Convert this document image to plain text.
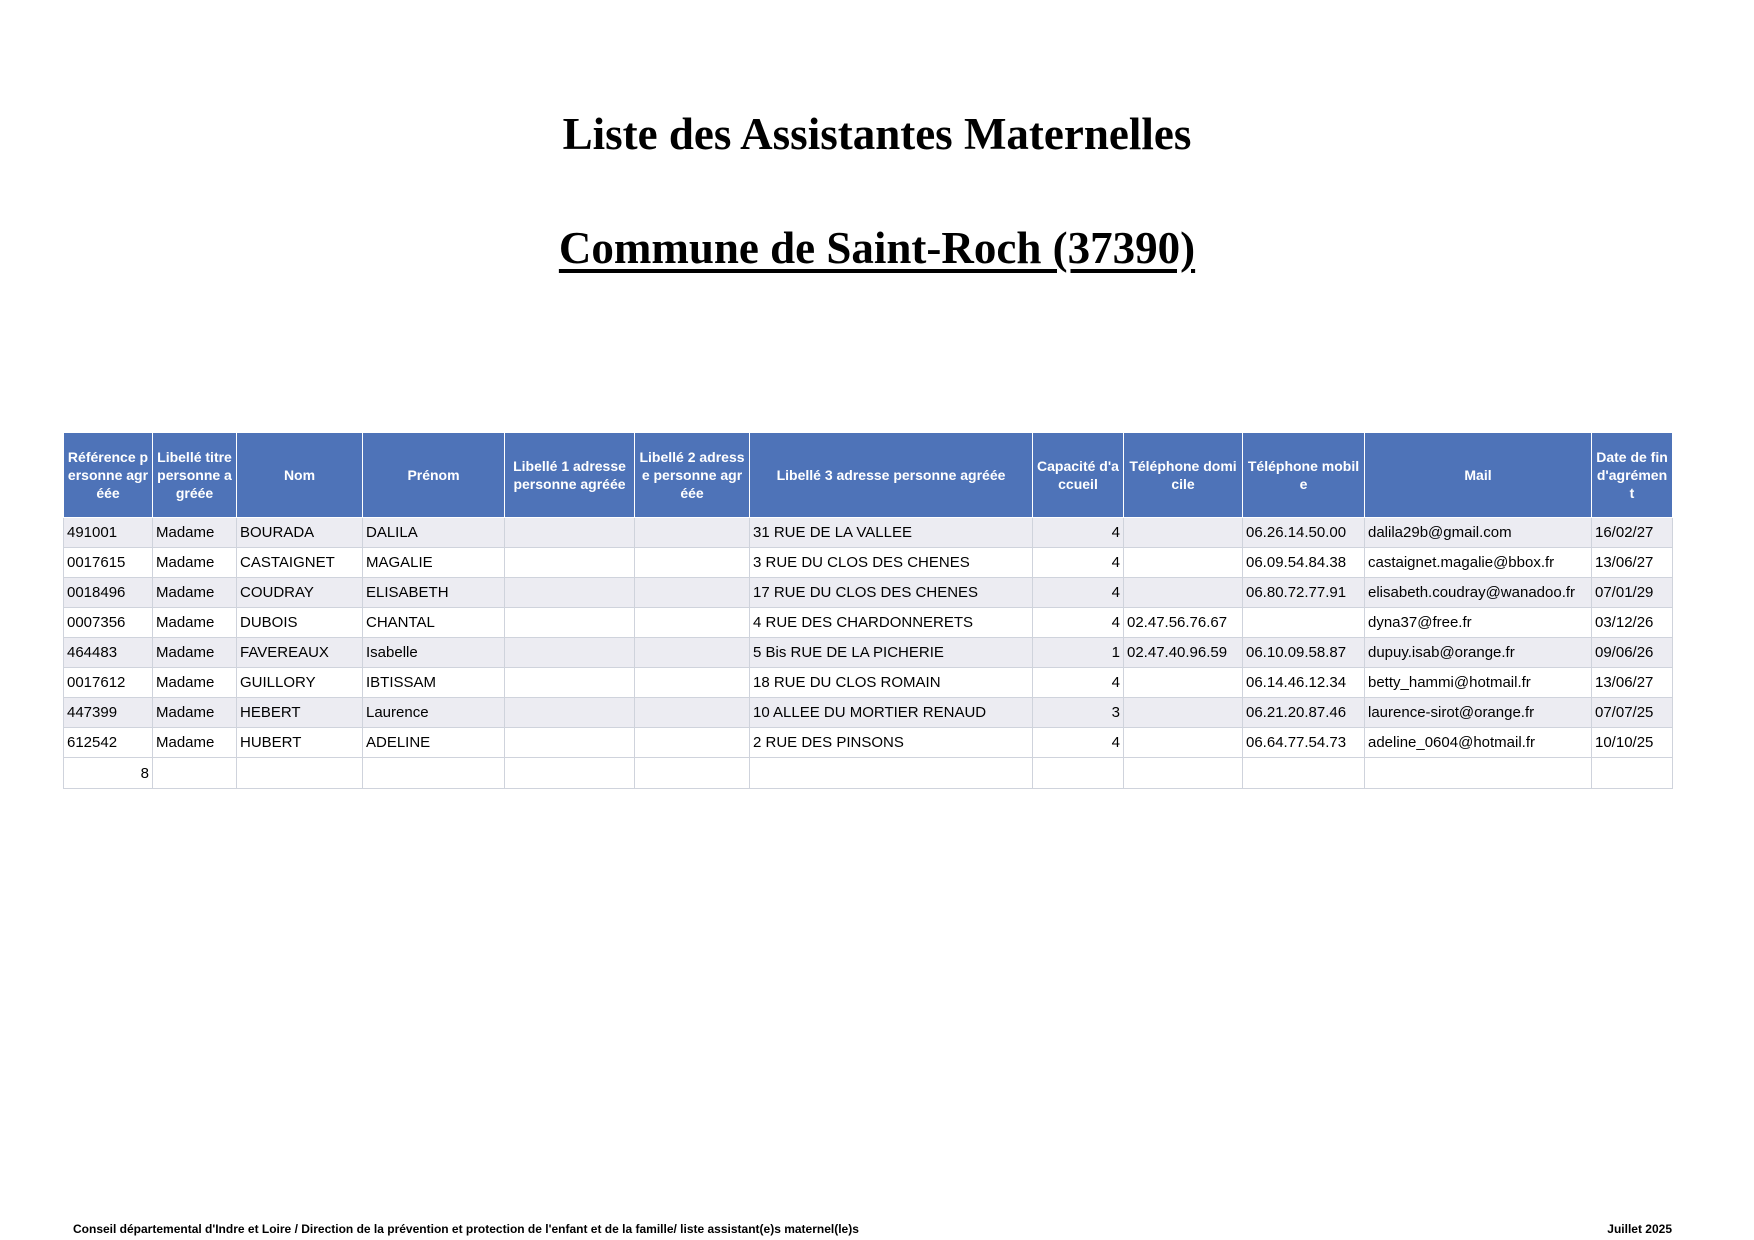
Liste des Assistantes Maternelles
Commune de Saint-Roch (37390)
Référence personne agréée	Libellé titre personne agréée	Nom	Prénom	Libellé 1 adresse personne agréée	Libellé 2 adresse personne agréée	Libellé 3 adresse personne agréée	Capacité d'accueil	Téléphone domicile	Téléphone mobile	Mail	Date de fin d'agrément
491001	Madame	BOURADA	DALILA			31 RUE DE LA VALLEE	4		06.26.14.50.00	dalila29b@gmail.com	16/02/27
0017615	Madame	CASTAIGNET	MAGALIE			3 RUE DU CLOS DES CHENES	4		06.09.54.84.38	castaignet.magalie@bbox.fr	13/06/27
0018496	Madame	COUDRAY	ELISABETH			17 RUE DU CLOS DES CHENES	4		06.80.72.77.91	elisabeth.coudray@wanadoo.fr	07/01/29
0007356	Madame	DUBOIS	CHANTAL			4 RUE DES CHARDONNERETS	4	02.47.56.76.67		dyna37@free.fr	03/12/26
464483	Madame	FAVEREAUX	Isabelle			5 Bis RUE DE LA PICHERIE	1	02.47.40.96.59	06.10.09.58.87	dupuy.isab@orange.fr	09/06/26
0017612	Madame	GUILLORY	IBTISSAM			18 RUE DU CLOS ROMAIN	4		06.14.46.12.34	betty_hammi@hotmail.fr	13/06/27
447399	Madame	HEBERT	Laurence			10 ALLEE DU MORTIER RENAUD	3		06.21.20.87.46	laurence-sirot@orange.fr	07/07/25
612542	Madame	HUBERT	ADELINE			2 RUE DES PINSONS	4		06.64.77.54.73	adeline_0604@hotmail.fr	10/10/25
8											
Conseil départemental d'Indre et Loire / Direction de la prévention et protection de l'enfant et de la famille/ liste assistant(e)s maternel(le)s	Juillet 2025
